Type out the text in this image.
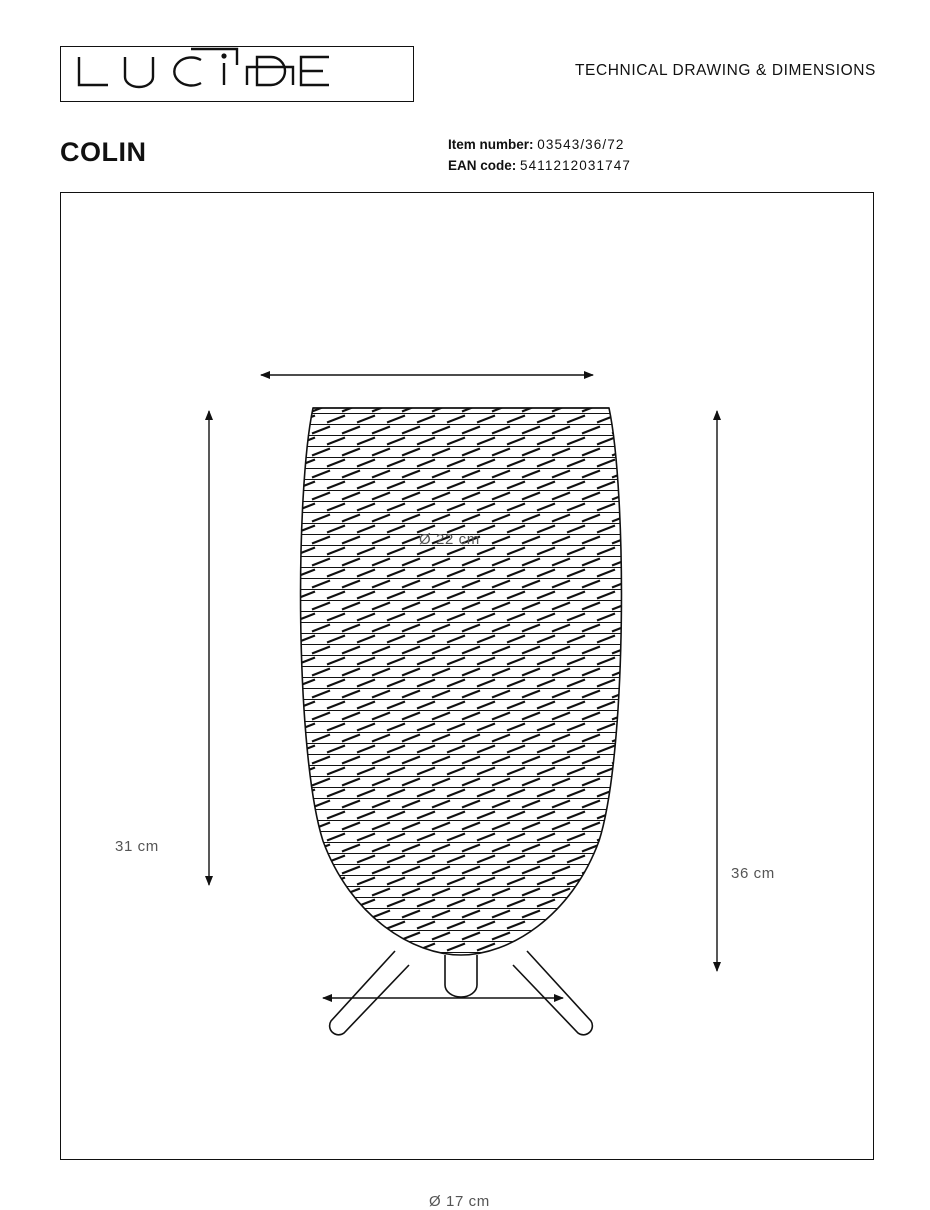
TECHNICAL DRAWING & DIMENSIONS
COLIN	Item number: 03543/36/72
EAN code: 5411212031747
Ø 22 cm
31 cm
36 cm
Ø 17 cm
